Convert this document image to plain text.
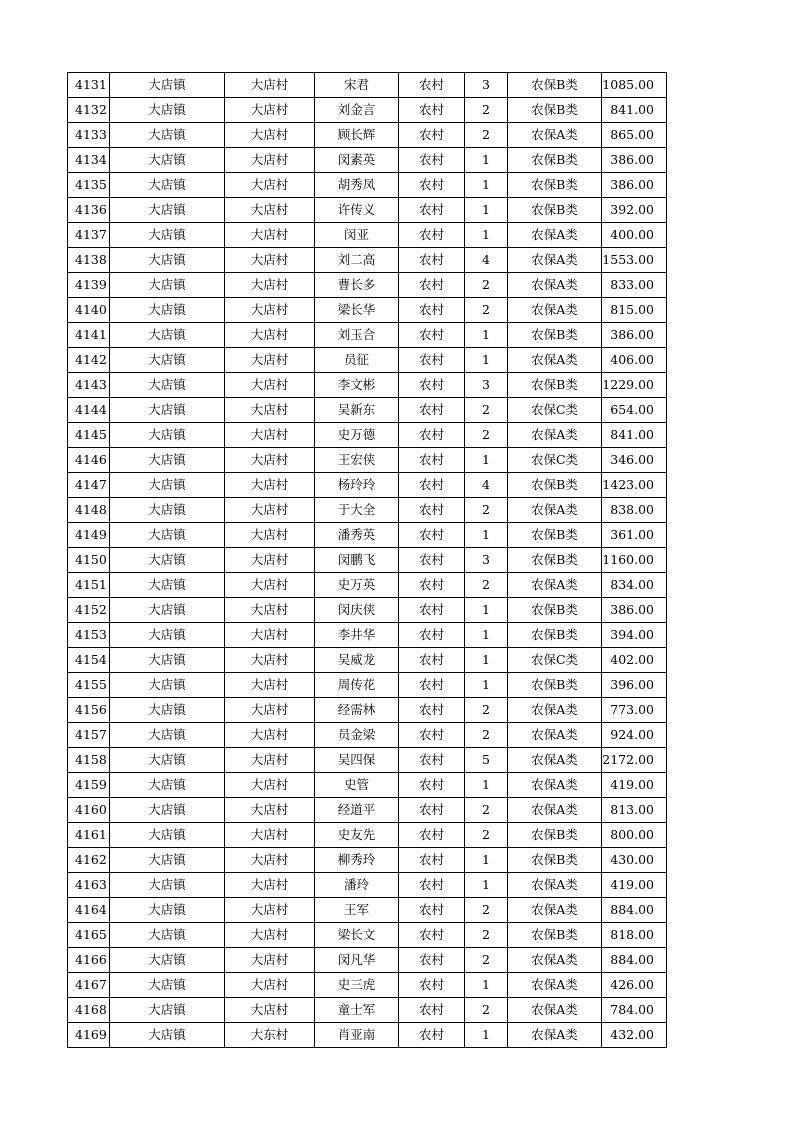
4131	大店镇	大店村	宋君	农村	3	农保B类	1085.00
4132	大店镇	大店村	刘金言	农村	2	农保B类	841.00
4133	大店镇	大店村	顾长辉	农村	2	农保A类	865.00
4134	大店镇	大店村	闵素英	农村	1	农保B类	386.00
4135	大店镇	大店村	胡秀凤	农村	1	农保B类	386.00
4136	大店镇	大店村	许传义	农村	1	农保B类	392.00
4137	大店镇	大店村	闵亚	农村	1	农保A类	400.00
4138	大店镇	大店村	刘二高	农村	4	农保A类	1553.00
4139	大店镇	大店村	曹长多	农村	2	农保A类	833.00
4140	大店镇	大店村	梁长华	农村	2	农保A类	815.00
4141	大店镇	大店村	刘玉合	农村	1	农保B类	386.00
4142	大店镇	大店村	员征	农村	1	农保A类	406.00
4143	大店镇	大店村	李文彬	农村	3	农保B类	1229.00
4144	大店镇	大店村	吴新东	农村	2	农保C类	654.00
4145	大店镇	大店村	史万德	农村	2	农保A类	841.00
4146	大店镇	大店村	王宏侠	农村	1	农保C类	346.00
4147	大店镇	大店村	杨玲玲	农村	4	农保B类	1423.00
4148	大店镇	大店村	于大全	农村	2	农保A类	838.00
4149	大店镇	大店村	潘秀英	农村	1	农保B类	361.00
4150	大店镇	大店村	闵鹏飞	农村	3	农保B类	1160.00
4151	大店镇	大店村	史万英	农村	2	农保A类	834.00
4152	大店镇	大店村	闵庆侠	农村	1	农保B类	386.00
4153	大店镇	大店村	李井华	农村	1	农保B类	394.00
4154	大店镇	大店村	吴威龙	农村	1	农保C类	402.00
4155	大店镇	大店村	周传花	农村	1	农保B类	396.00
4156	大店镇	大店村	经需林	农村	2	农保A类	773.00
4157	大店镇	大店村	员金梁	农村	2	农保A类	924.00
4158	大店镇	大店村	吴四保	农村	5	农保A类	2172.00
4159	大店镇	大店村	史管	农村	1	农保A类	419.00
4160	大店镇	大店村	经道平	农村	2	农保A类	813.00
4161	大店镇	大店村	史友先	农村	2	农保B类	800.00
4162	大店镇	大店村	柳秀玲	农村	1	农保B类	430.00
4163	大店镇	大店村	潘玲	农村	1	农保A类	419.00
4164	大店镇	大店村	王军	农村	2	农保A类	884.00
4165	大店镇	大店村	梁长文	农村	2	农保B类	818.00
4166	大店镇	大店村	闵凡华	农村	2	农保A类	884.00
4167	大店镇	大店村	史三虎	农村	1	农保A类	426.00
4168	大店镇	大店村	童士军	农村	2	农保A类	784.00
4169	大店镇	大东村	肖亚南	农村	1	农保A类	432.00
